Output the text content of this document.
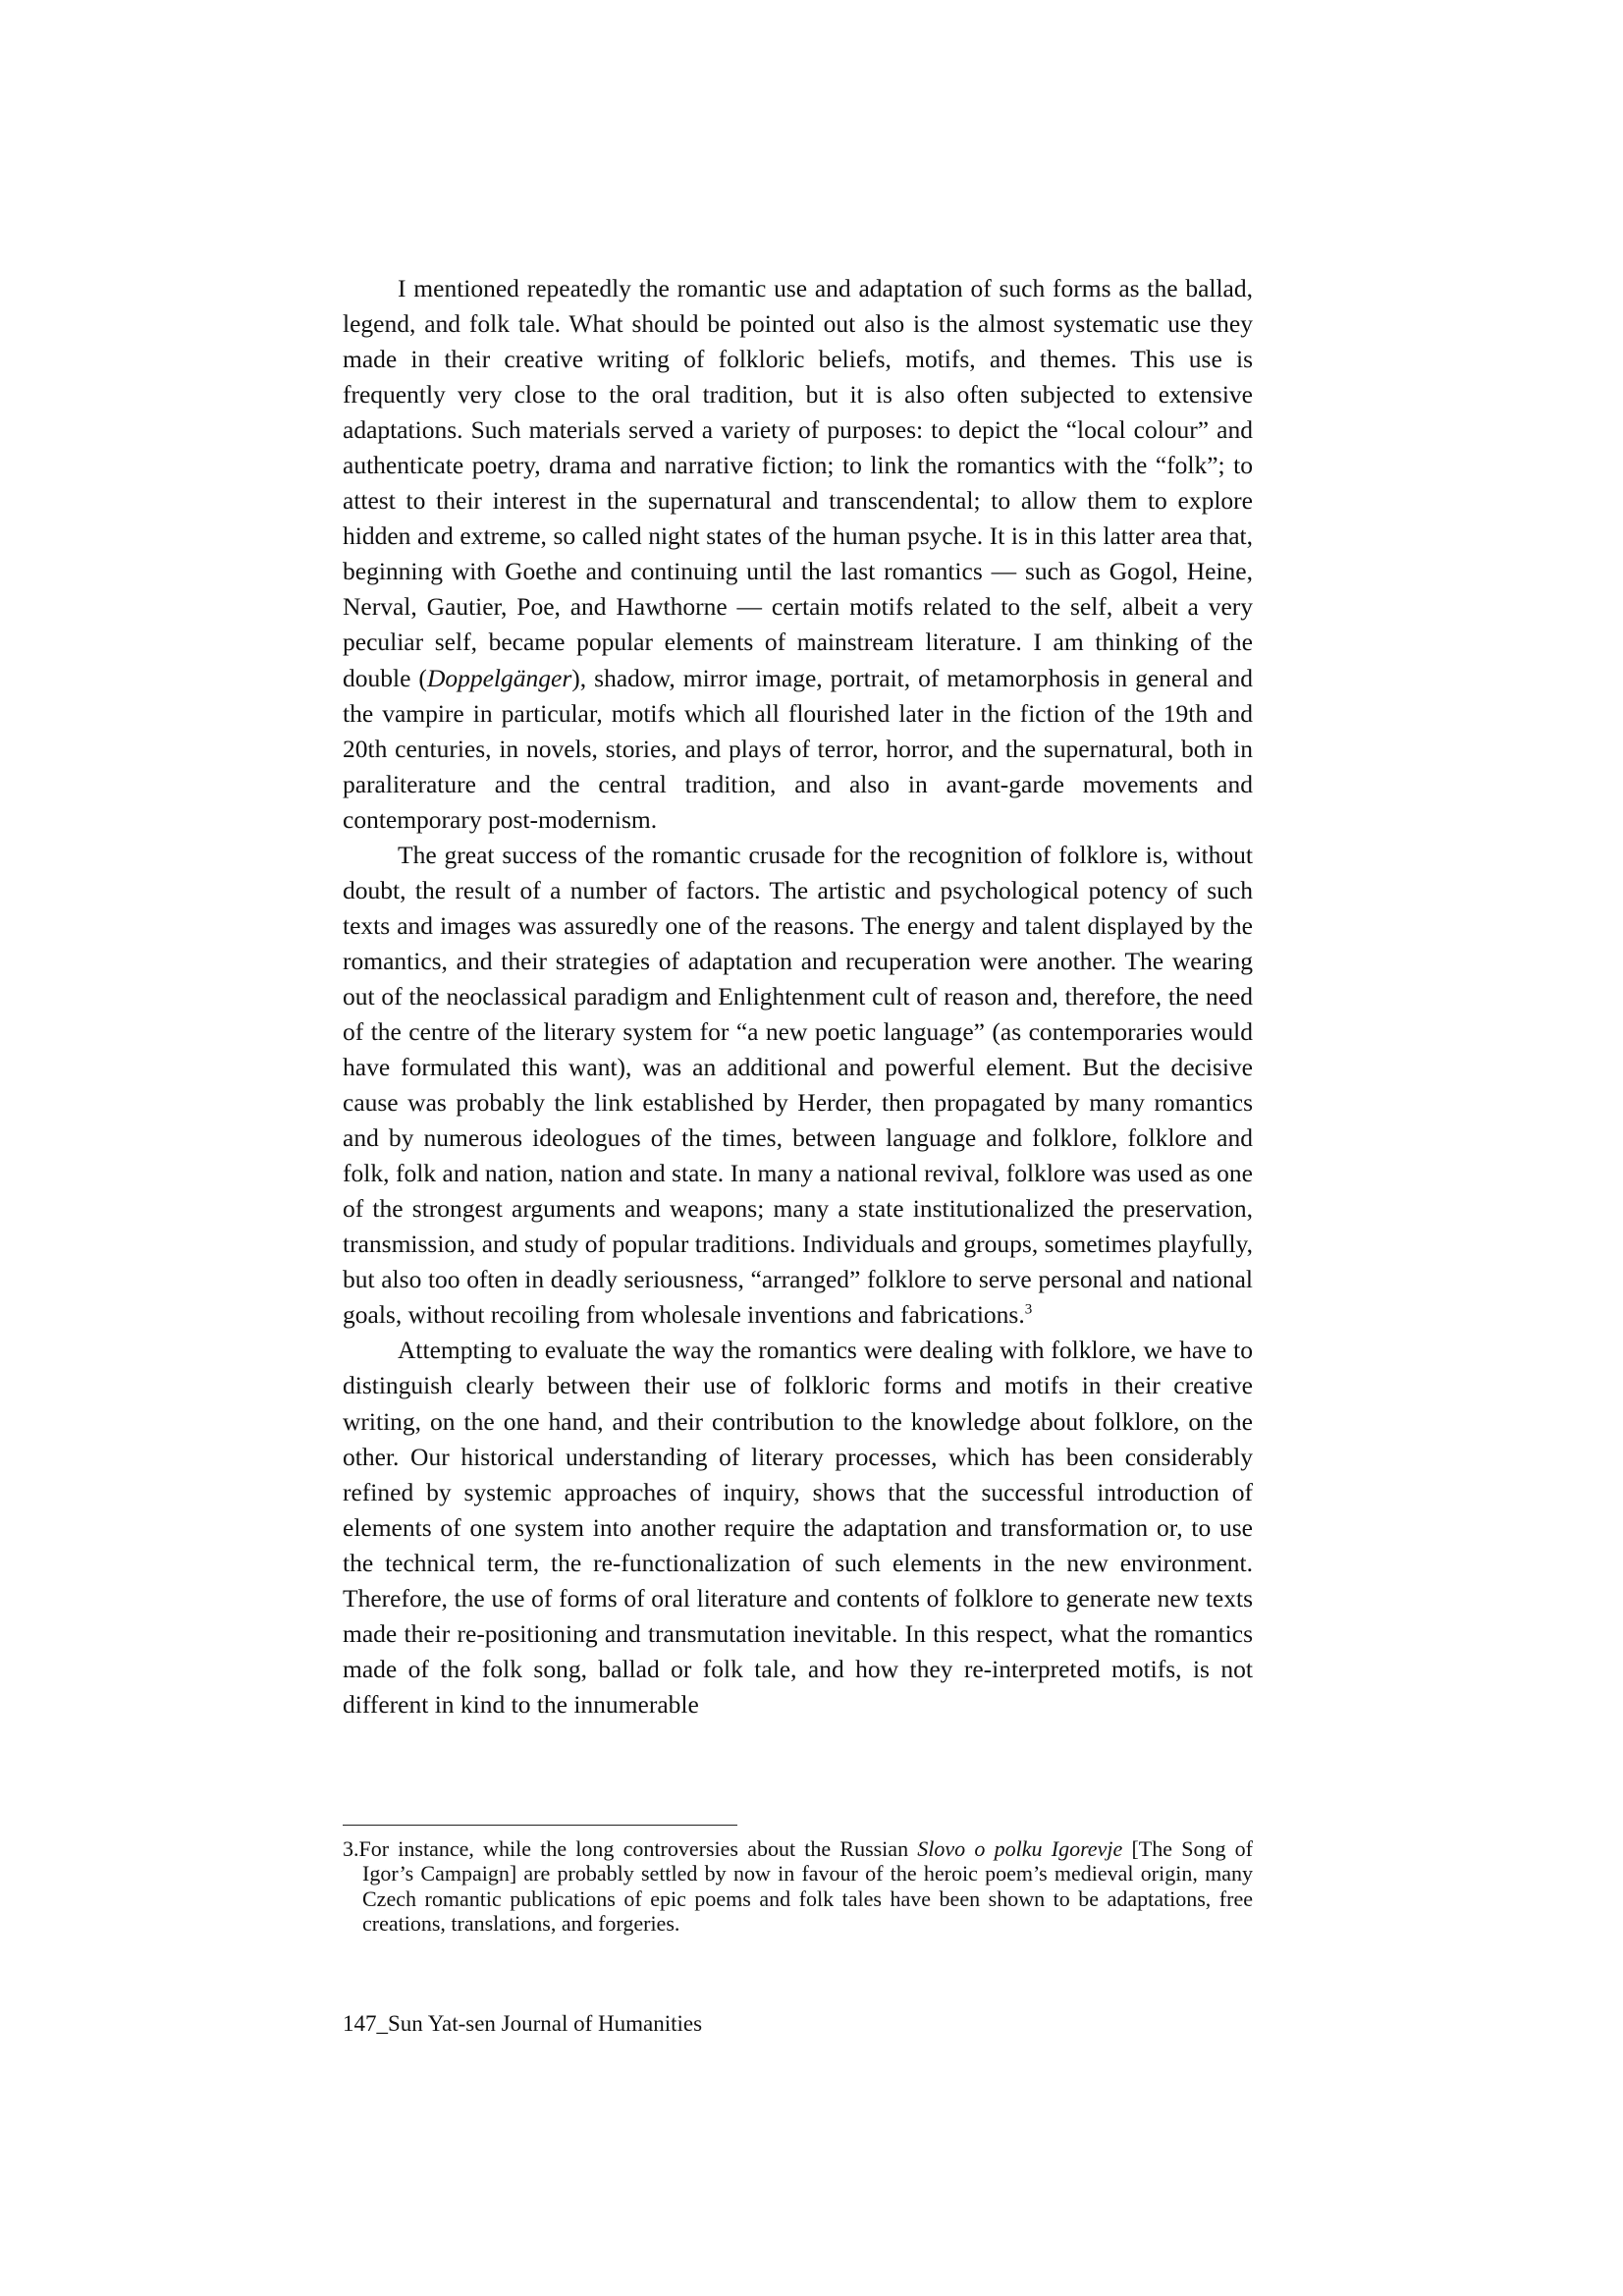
I mentioned repeatedly the romantic use and adaptation of such forms as the ballad, legend, and folk tale. What should be pointed out also is the almost systematic use they made in their creative writing of folkloric beliefs, motifs, and themes. This use is frequently very close to the oral tradition, but it is also often subjected to extensive adaptations. Such materials served a variety of purposes: to depict the “local colour” and authenticate poetry, drama and narrative fiction; to link the romantics with the “folk”; to attest to their interest in the supernatural and transcendental; to allow them to explore hidden and extreme, so called night states of the human psyche. It is in this latter area that, beginning with Goethe and continuing until the last romantics — such as Gogol, Heine, Nerval, Gautier, Poe, and Hawthorne — certain motifs related to the self, albeit a very peculiar self, became popular elements of mainstream literature. I am thinking of the double (Doppelgänger), shadow, mirror image, portrait, of metamorphosis in general and the vampire in particular, motifs which all flourished later in the fiction of the 19th and 20th centuries, in novels, stories, and plays of terror, horror, and the supernatural, both in paraliterature and the central tradition, and also in avant-garde movements and contemporary post-modernism.

The great success of the romantic crusade for the recognition of folklore is, without doubt, the result of a number of factors. The artistic and psychological potency of such texts and images was assuredly one of the reasons. The energy and talent displayed by the romantics, and their strategies of adaptation and recuperation were another. The wearing out of the neoclassical paradigm and Enlightenment cult of reason and, therefore, the need of the centre of the literary system for “a new poetic language” (as contemporaries would have formulated this want), was an additional and powerful element. But the decisive cause was probably the link established by Herder, then propagated by many romantics and by numerous ideologues of the times, between language and folklore, folklore and folk, folk and nation, nation and state. In many a national revival, folklore was used as one of the strongest arguments and weapons; many a state institutionalized the preservation, transmission, and study of popular traditions. Individuals and groups, sometimes playfully, but also too often in deadly seriousness, “arranged” folklore to serve personal and national goals, without recoiling from wholesale inventions and fabrications.$^3$

Attempting to evaluate the way the romantics were dealing with folklore, we have to distinguish clearly between their use of folkloric forms and motifs in their creative writing, on the one hand, and their contribution to the knowledge about folklore, on the other. Our historical understanding of literary processes, which has been considerably refined by systemic approaches of inquiry, shows that the successful introduction of elements of one system into another require the adaptation and transformation or, to use the technical term, the re-functionalization of such elements in the new environment. Therefore, the use of forms of oral literature and contents of folklore to generate new texts made their re-positioning and transmutation inevitable. In this respect, what the romantics made of the folk song, ballad or folk tale, and how they re-interpreted motifs, is not different in kind to the innumerable

3.For instance, while the long controversies about the Russian Slovo o polku Igorevje [The Song of Igor’s Campaign] are probably settled by now in favour of the heroic poem’s medieval origin, many Czech romantic publications of epic poems and folk tales have been shown to be adaptations, free creations, translations, and forgeries.
147_Sun Yat-sen Journal of Humanities
